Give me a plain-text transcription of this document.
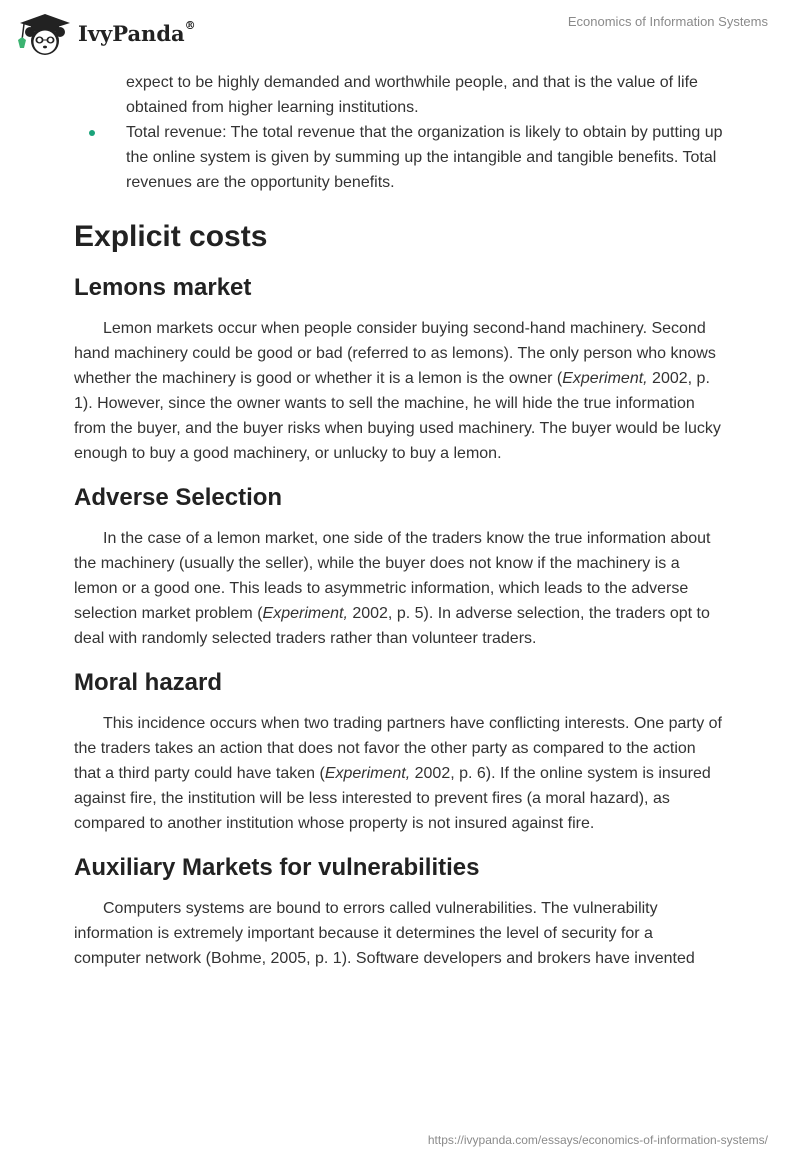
IvyPanda®	Economics of Information Systems

expect to be highly demanded and worthwhile people, and that is the value of life obtained from higher learning institutions.

Total revenue: The total revenue that the organization is likely to obtain by putting up the online system is given by summing up the intangible and tangible benefits. Total revenues are the opportunity benefits.
Explicit costs
Lemons market

Lemon markets occur when people consider buying second-hand machinery. Second hand machinery could be good or bad (referred to as lemons). The only person who knows whether the machinery is good or whether it is a lemon is the owner (Experiment, 2002, p. 1). However, since the owner wants to sell the machine, he will hide the true information from the buyer, and the buyer risks when buying used machinery. The buyer would be lucky enough to buy a good machinery, or unlucky to buy a lemon.

Adverse Selection

In the case of a lemon market, one side of the traders know the true information about the machinery (usually the seller), while the buyer does not know if the machinery is a lemon or a good one. This leads to asymmetric information, which leads to the adverse selection market problem (Experiment, 2002, p. 5). In adverse selection, the traders opt to deal with randomly selected traders rather than volunteer traders.

Moral hazard

This incidence occurs when two trading partners have conflicting interests. One party of the traders takes an action that does not favor the other party as compared to the action that a third party could have taken (Experiment, 2002, p. 6). If the online system is insured against fire, the institution will be less interested to prevent fires (a moral hazard), as compared to another institution whose property is not insured against fire.

Auxiliary Markets for vulnerabilities

Computers systems are bound to errors called vulnerabilities. The vulnerability information is extremely important because it determines the level of security for a computer network (Bohme, 2005, p. 1). Software developers and brokers have invented

https://ivypanda.com/essays/economics-of-information-systems/
